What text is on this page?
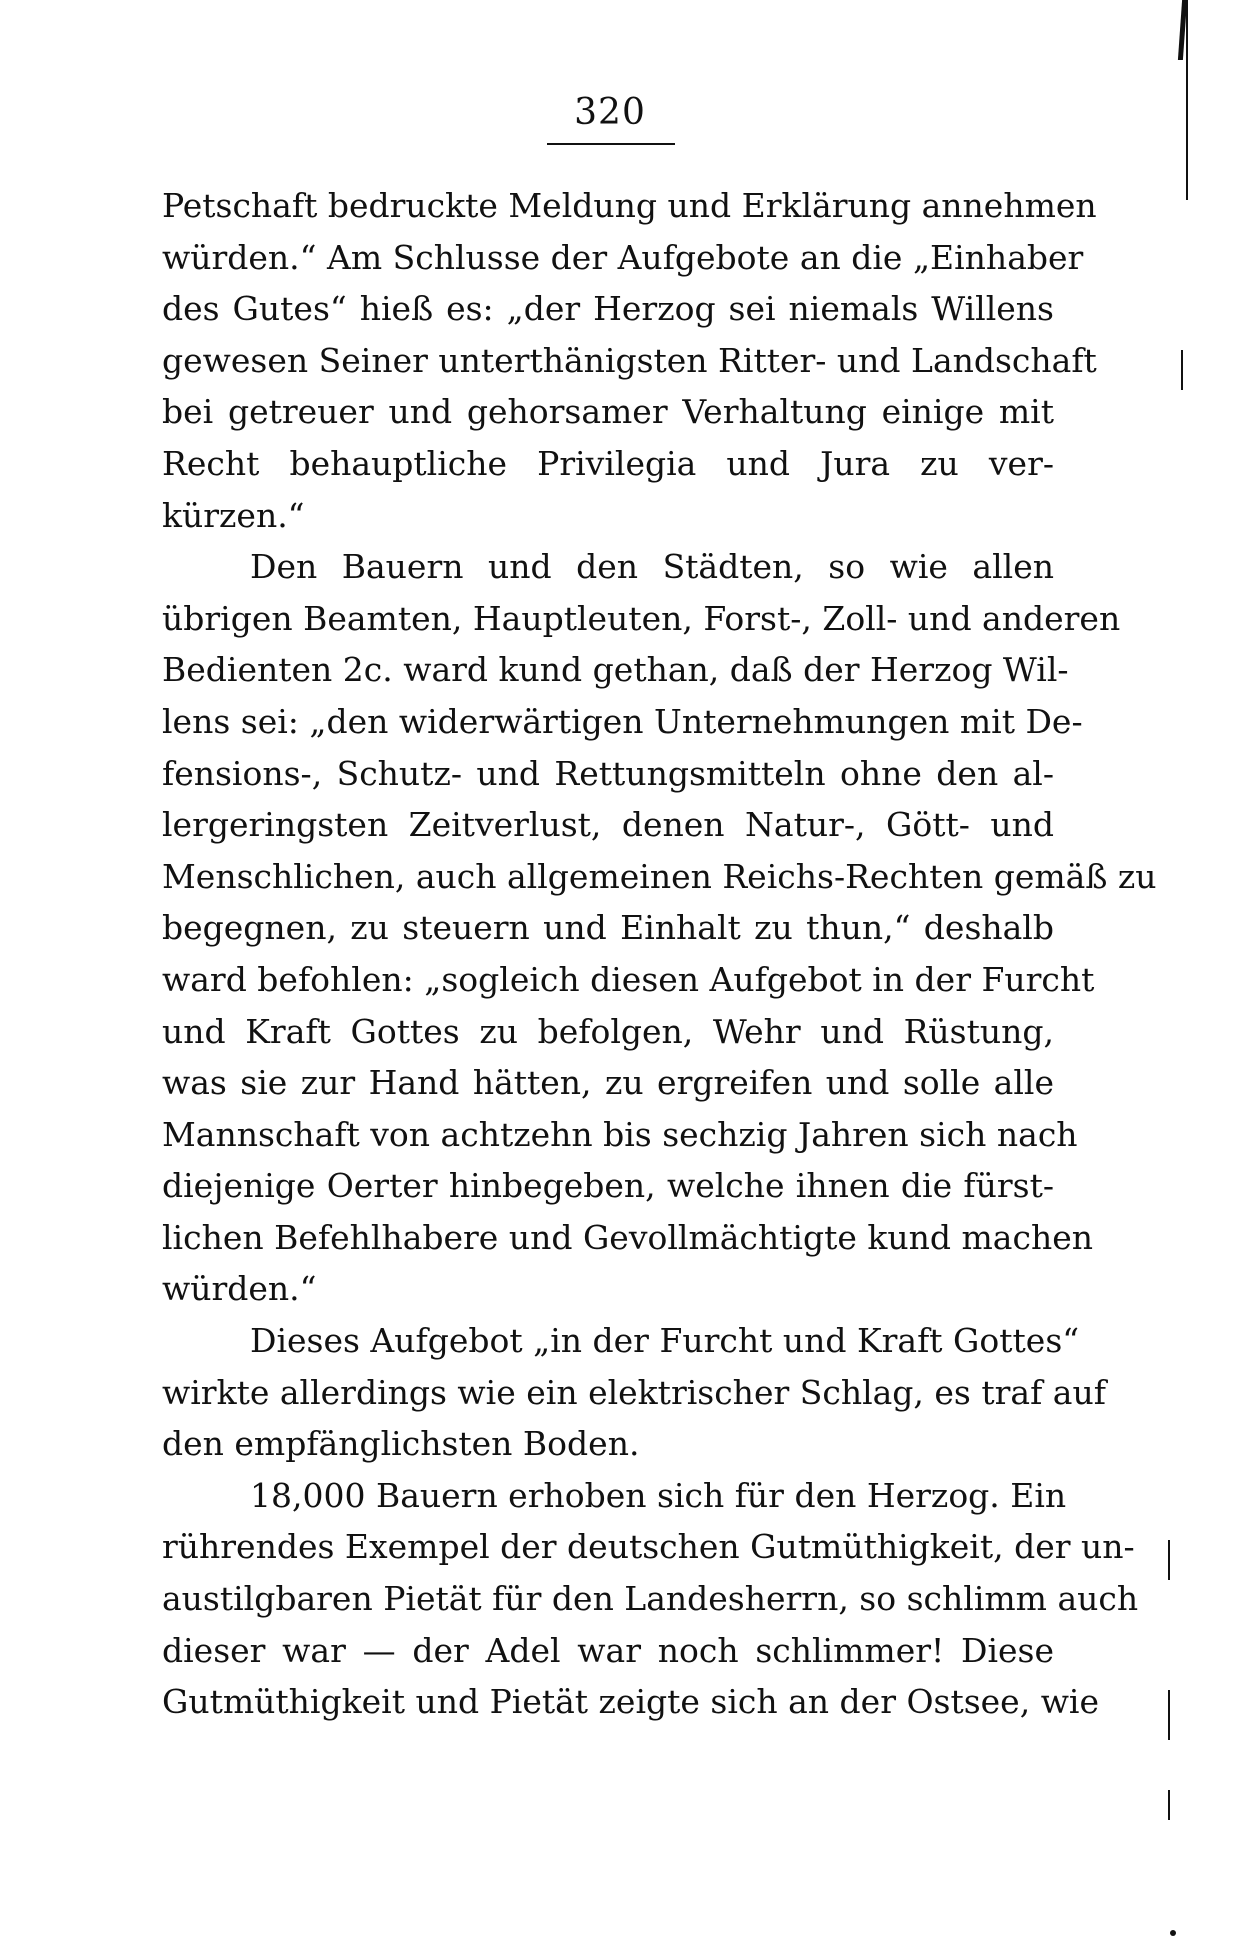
320
Petschaft bedruckte Meldung und Erklärung annehmen
würden.“ Am Schlusse der Aufgebote an die „Einhaber
des Gutes“ hieß es: „der Herzog sei niemals Willens
gewesen Seiner unterthänigsten Ritter- und Landschaft
bei getreuer und gehorsamer Verhaltung einige mit
Recht behauptliche Privilegia und Jura zu ver-
kürzen.“
Den Bauern und den Städten, so wie allen
übrigen Beamten, Hauptleuten, Forst-, Zoll- und anderen
Bedienten 2c. ward kund gethan, daß der Herzog Wil-
lens sei: „den widerwärtigen Unternehmungen mit De-
fensions-, Schutz- und Rettungsmitteln ohne den al-
lergeringsten Zeitverlust, denen Natur-, Gött- und
Menschlichen, auch allgemeinen Reichs-Rechten gemäß zu
begegnen, zu steuern und Einhalt zu thun,“ deshalb
ward befohlen: „sogleich diesen Aufgebot in der Furcht
und Kraft Gottes zu befolgen, Wehr und Rüstung,
was sie zur Hand hätten, zu ergreifen und solle alle
Mannschaft von achtzehn bis sechzig Jahren sich nach
diejenige Oerter hinbegeben, welche ihnen die fürst-
lichen Befehlhabere und Gevollmächtigte kund machen
würden.“
Dieses Aufgebot „in der Furcht und Kraft Gottes“
wirkte allerdings wie ein elektrischer Schlag, es traf auf
den empfänglichsten Boden.
18,000 Bauern erhoben sich für den Herzog. Ein
rührendes Exempel der deutschen Gutmüthigkeit, der un-
austilgbaren Pietät für den Landesherrn, so schlimm auch
dieser war — der Adel war noch schlimmer! Diese
Gutmüthigkeit und Pietät zeigte sich an der Ostsee, wie
